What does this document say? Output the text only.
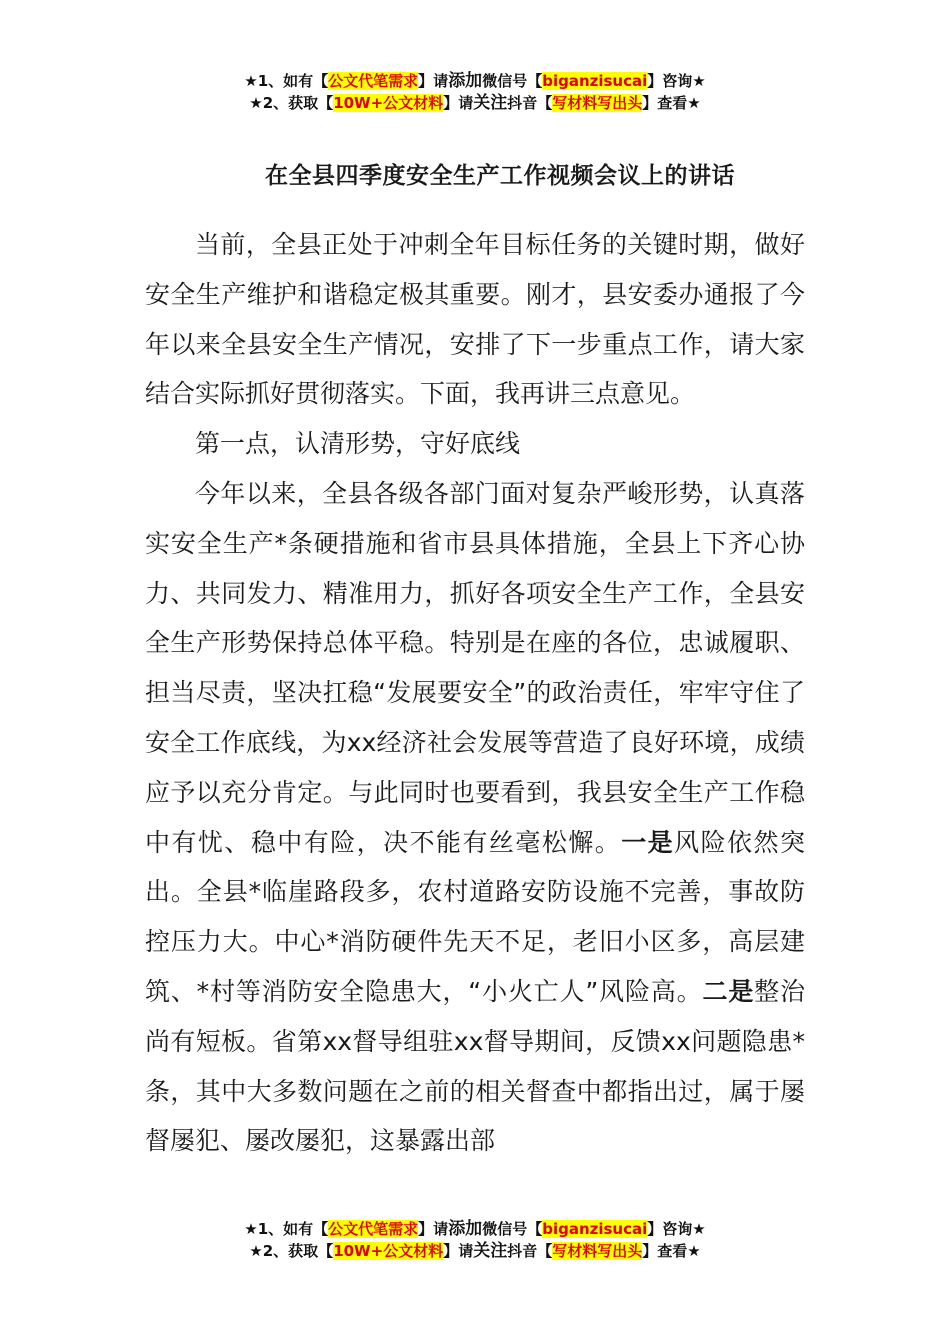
★1、如有【公文代笔需求】请添加微信号【biganzisucai】咨询★
★2、获取【10W+公文材料】请关注抖音【写材料写出头】查看★
在全县四季度安全生产工作视频会议上的讲话

当前，全县正处于冲刺全年目标任务的关键时期，做好安全生产维护和谐稳定极其重要。刚才，县安委办通报了今年以来全县安全生产情况，安排了下一步重点工作，请大家结合实际抓好贯彻落实。下面，我再讲三点意见。

第一点，认清形势，守好底线

今年以来，全县各级各部门面对复杂严峻形势，认真落实安全生产*条硬措施和省市县具体措施，全县上下齐心协力、共同发力、精准用力，抓好各项安全生产工作，全县安全生产形势保持总体平稳。特别是在座的各位，忠诚履职、担当尽责，坚决扛稳“发展要安全”的政治责任，牢牢守住了安全工作底线，为xx经济社会发展等营造了良好环境，成绩应予以充分肯定。与此同时也要看到，我县安全生产工作稳中有忧、稳中有险，决不能有丝毫松懈。一是风险依然突出。全县*临崖路段多，农村道路安防设施不完善，事故防控压力大。中心*消防硬件先天不足，老旧小区多，高层建筑、*村等消防安全隐患大，“小火亡人”风险高。二是整治尚有短板。省第xx督导组驻xx督导期间，反馈xx问题隐患*条，其中大多数问题在之前的相关督查中都指出过，属于屡督屡犯、屡改屡犯，这暴露出部

★1、如有【公文代笔需求】请添加微信号【biganzisucai】咨询★
★2、获取【10W+公文材料】请关注抖音【写材料写出头】查看★
